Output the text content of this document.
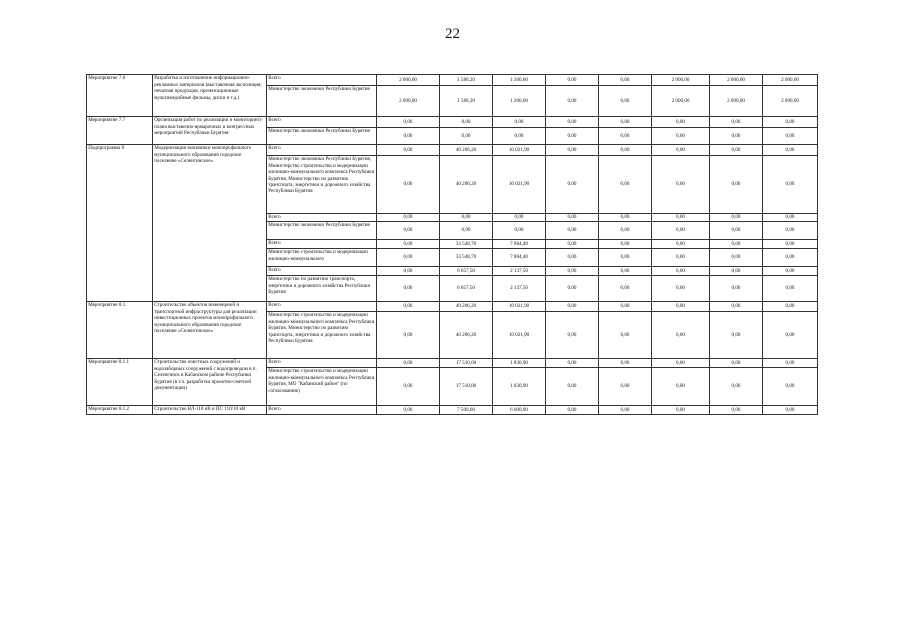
22
Мероприятие 7.6	Разработка и изготовление информационно-рекламных материалов (выставочная экспозиция, печатная продукция, презентационные мультимедийные фильмы, диски и т.д.)	Всего	2 000,00	1 580,20	1 200,00	0,00	0,00	2 000,00	2 000,00	2 000,00
		Министерство экономики Республики Бурятия	2 000,00	1 580,20	1 200,00	0,00	0,00	2 000,00	2 000,00	2 000,00
Мероприятие 7.7	Организация работ по реализации и мониторингу плана выставочно-ярмарочных и конгрессных мероприятий Республики Бурятия	Всего	0,00	0,00	0,00	0,00	0,00	0,00	0,00	0,00
		Министерство экономики Республики Бурятия	0,00	0,00	0,00	0,00	0,00	0,00	0,00	0,00
Подпрограмма 8	Модернизация экономики монопрофильного муниципального образования городское поселение «Селенгинское»	Всего	0,00	40 206,20	10 021,90	0,00	0,00	0,00	0,00	0,00
		Министерство экономики Республики Бурятия, Министерство строительства и модернизации жилищно-коммунального комплекса Республики Бурятия, Министерство по развитию транспорта, энергетики и дорожного хозяйства Республики Бурятия	0,00	40 206,20	10 021,90	0,00	0,00	0,00	0,00	0,00
		Всего	0,00	0,00	0,00	0,00	0,00	0,00	0,00	0,00
		Министерство экономики Республики Бурятия	0,00	0,00	0,00	0,00	0,00	0,00	0,00	0,00
		Всего	0,00	33 548,70	7 884,40	0,00	0,00	0,00	0,00	0,00
		Министерство строительства и модернизации жилищно-коммунального	0,00	33 548,70	7 884,40	0,00	0,00	0,00	0,00	0,00
		Всего	0,00	6 657,50	2 137,50	0,00	0,00	0,00	0,00	0,00
		Министерство по развитию транспорта, энергетики и дорожного хозяйства Республики Бурятия	0,00	6 657,50	2 137,50	0,00	0,00	0,00	0,00	0,00
Мероприятие 8.1.	Строительство объектов инженерной и транспортной инфраструктуры для реализации инвестиционных проектов монопрофильного муниципального образования городское поселение «Селенгинское»	Всего	0,00	40 206,20	10 021,90	0,00	0,00	0,00	0,00	0,00
		Министерство строительства и модернизации жилищно-коммунального комплекса Республики Бурятия, Министерство по развитию транспорта, энергетики и дорожного хозяйства Республики Бурятия	0,00	40 206,20	10 021,90	0,00	0,00	0,00	0,00	0,00
Мероприятие 8.1.1	Строительство очистных сооружений и водозаборных сооружений с водопроводом в п. Селенгинск в Кабанском районе Республики Бурятия (в т.ч. разработка проектно-сметной документации)	Всего	0,00	17 510,00	1 830,90	0,00	0,00	0,00	0,00	0,00
		Министерство строительства и модернизации жилищно-коммунального комплекса Республики Бурятия, МО "Кабанский район" (по согласованию)	0,00	17 510,00	1 830,90	0,00	0,00	0,00	0,00	0,00
Мероприятие 8.1.2	Строительство ВЛ-110 кВ и ПС 110/10 кВ	Всего	0,00	7 500,60	6 000,00	0,00	0,00	0,00	0,00	0,00
